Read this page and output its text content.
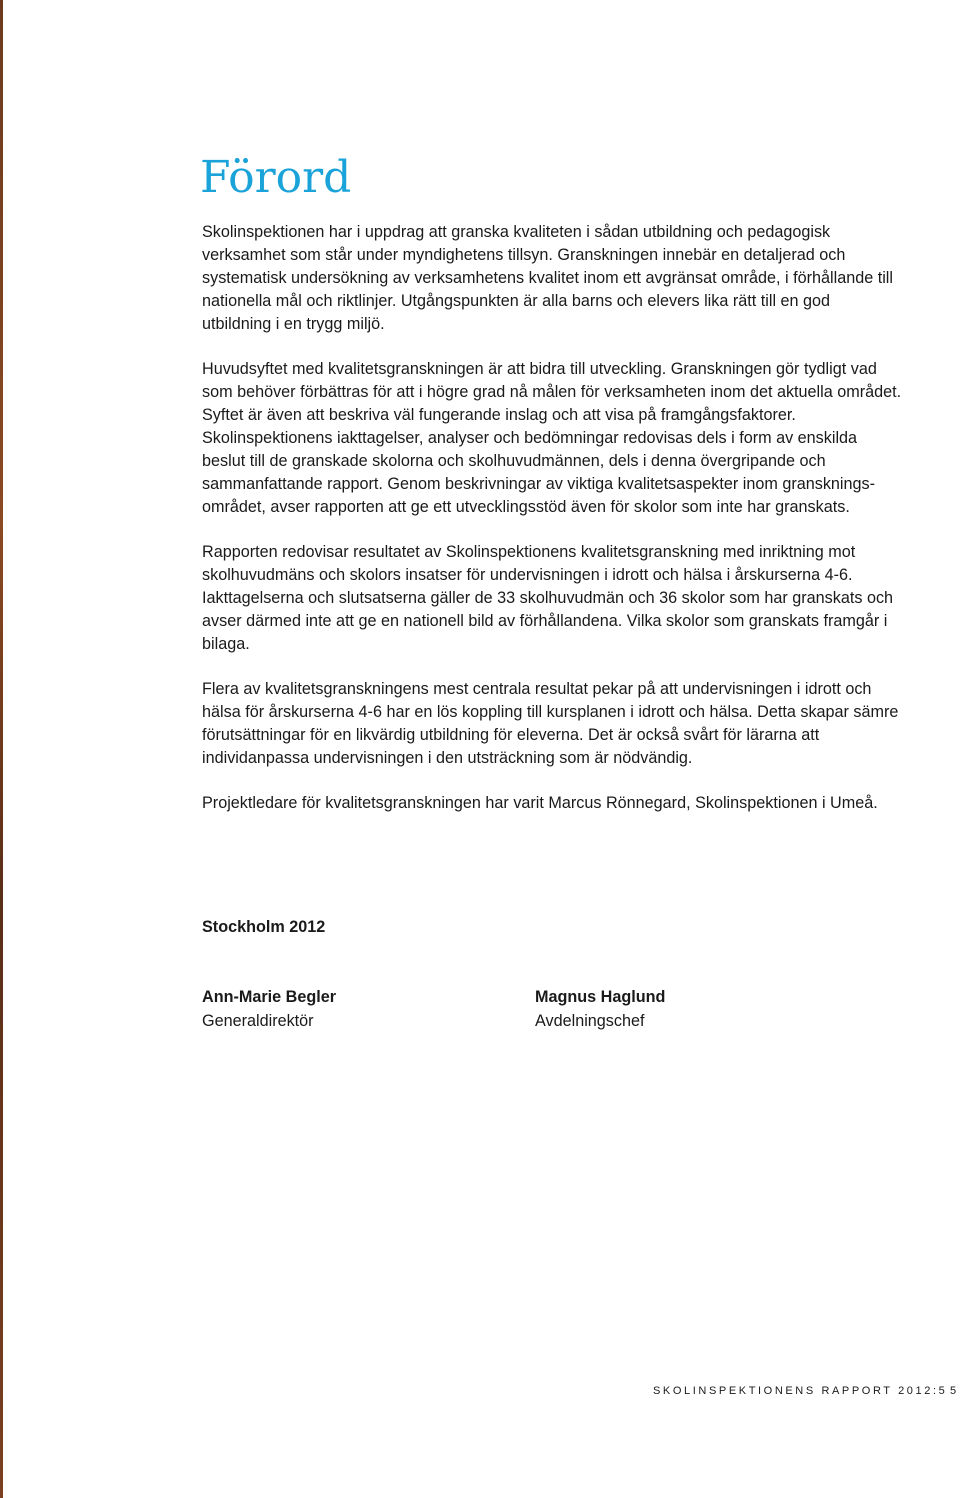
Förord

Skolinspektionen har i uppdrag att granska kvaliteten i sådan utbildning och pedagogisk verksamhet som står under myndighetens tillsyn. Granskningen innebär en detaljerad och systematisk undersökning av verksamhetens kvalitet inom ett avgränsat område, i förhållande till nationella mål och riktlinjer. Utgångspunkten är alla barns och elevers lika rätt till en god utbildning i en trygg miljö.

Huvudsyftet med kvalitetsgranskningen är att bidra till utveckling. Granskningen gör tydligt vad som behöver förbättras för att i högre grad nå målen för verksamheten inom det aktuella området. Syftet är även att beskriva väl fungerande inslag och att visa på framgångsfaktorer. Skolinspektionens iakttagelser, analyser och bedömningar redovisas dels i form av enskilda beslut till de granskade skolorna och skolhuvudmännen, dels i denna övergripande och sammanfattande rapport. Genom beskrivningar av viktiga kvalitetsaspekter inom granskningsområdet, avser rapporten att ge ett utvecklingsstöd även för skolor som inte har granskats.

Rapporten redovisar resultatet av Skolinspektionens kvalitetsgranskning med inriktning mot skolhuvudmäns och skolors insatser för undervisningen i idrott och hälsa i årskurserna 4-6. Iakttagelserna och slutsatserna gäller de 33 skolhuvudmän och 36 skolor som har granskats och avser därmed inte att ge en nationell bild av förhållandena. Vilka skolor som granskats framgår i bilaga.

Flera av kvalitetsgranskningens mest centrala resultat pekar på att undervisningen i idrott och hälsa för årskurserna 4-6 har en lös koppling till kursplanen i idrott och hälsa. Detta skapar sämre förutsättningar för en likvärdig utbildning för eleverna. Det är också svårt för lärarna att individanpassa undervisningen i den utsträckning som är nödvändig.

Projektledare för kvalitetsgranskningen har varit Marcus Rönnegard, Skolinspektionen i Umeå.

Stockholm 2012

Ann-Marie Begler
Generaldirektör
Magnus Haglund
Avdelningschef
SKOLINSPEKTIONENS RAPPORT 2012:5 5
